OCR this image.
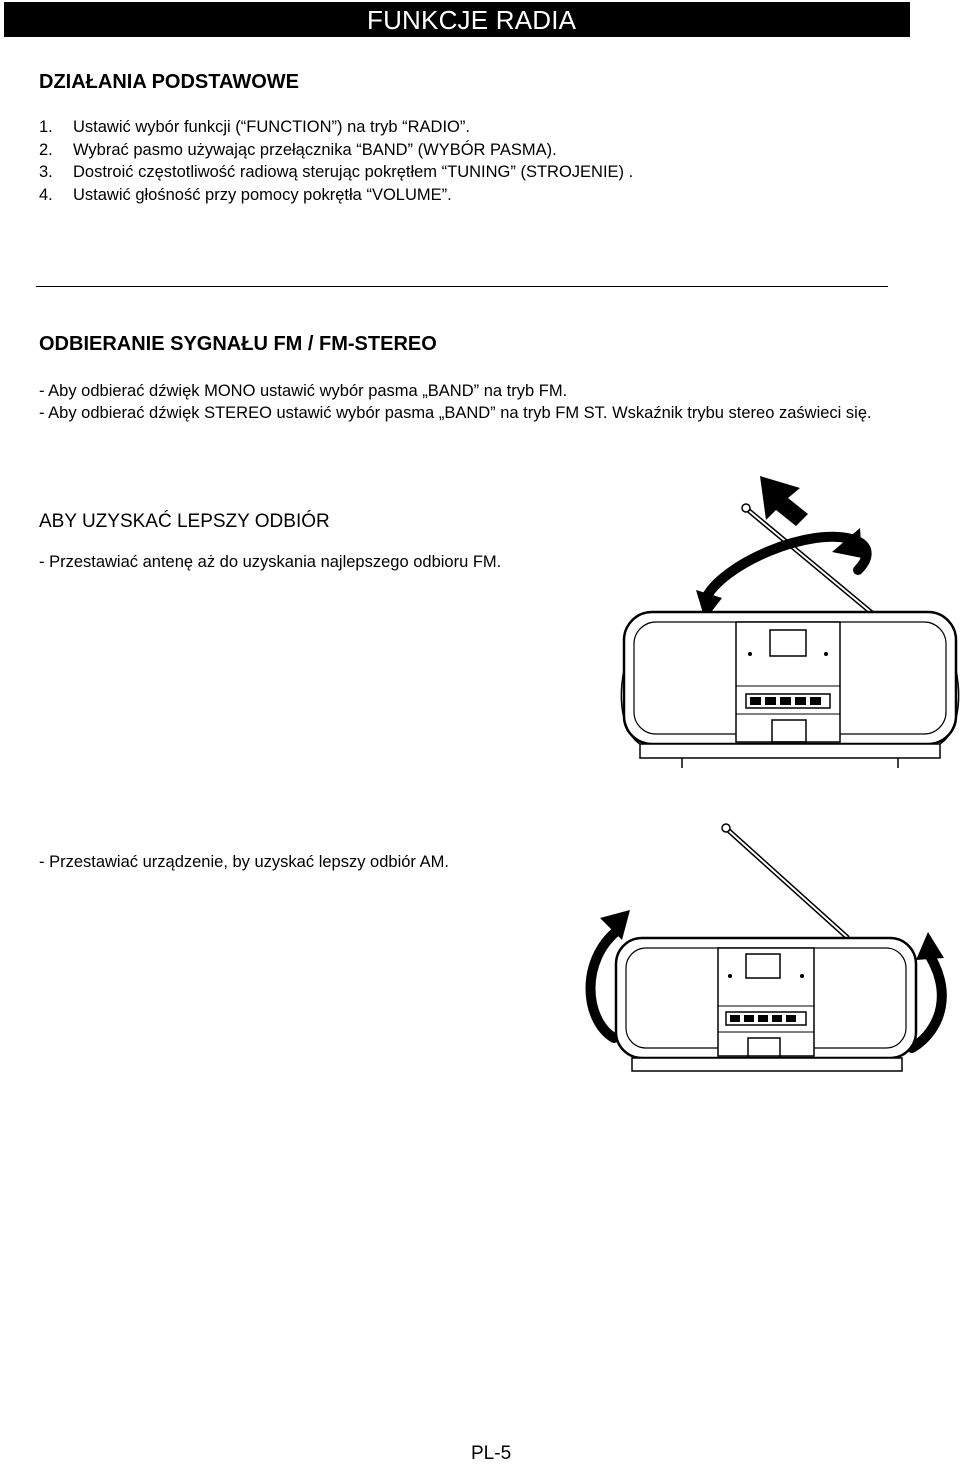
FUNKCJE RADIA
DZIAŁANIA PODSTAWOWE
1. Ustawić wybór funkcji (“FUNCTION”) na tryb “RADIO”.
2. Wybrać pasmo używając przełącznika “BAND” (WYBÓR PASMA).
3. Dostroić częstotliwość radiową sterując pokrętłem “TUNING” (STROJENIE) .
4. Ustawić głośność przy pomocy pokrętła “VOLUME”.
ODBIERANIE SYGNAŁU FM / FM-STEREO
- Aby odbierać dźwięk MONO ustawić wybór pasma „BAND” na tryb FM.
- Aby odbierać dźwięk STEREO ustawić wybór pasma „BAND” na tryb FM ST. Wskaźnik trybu stereo zaświeci się.
ABY UZYSKAĆ LEPSZY ODBIÓR
- Przestawiać antenę aż do uzyskania najlepszego odbioru FM.
- Przestawiać urządzenie, by uzyskać lepszy odbiór AM.
PL-5
